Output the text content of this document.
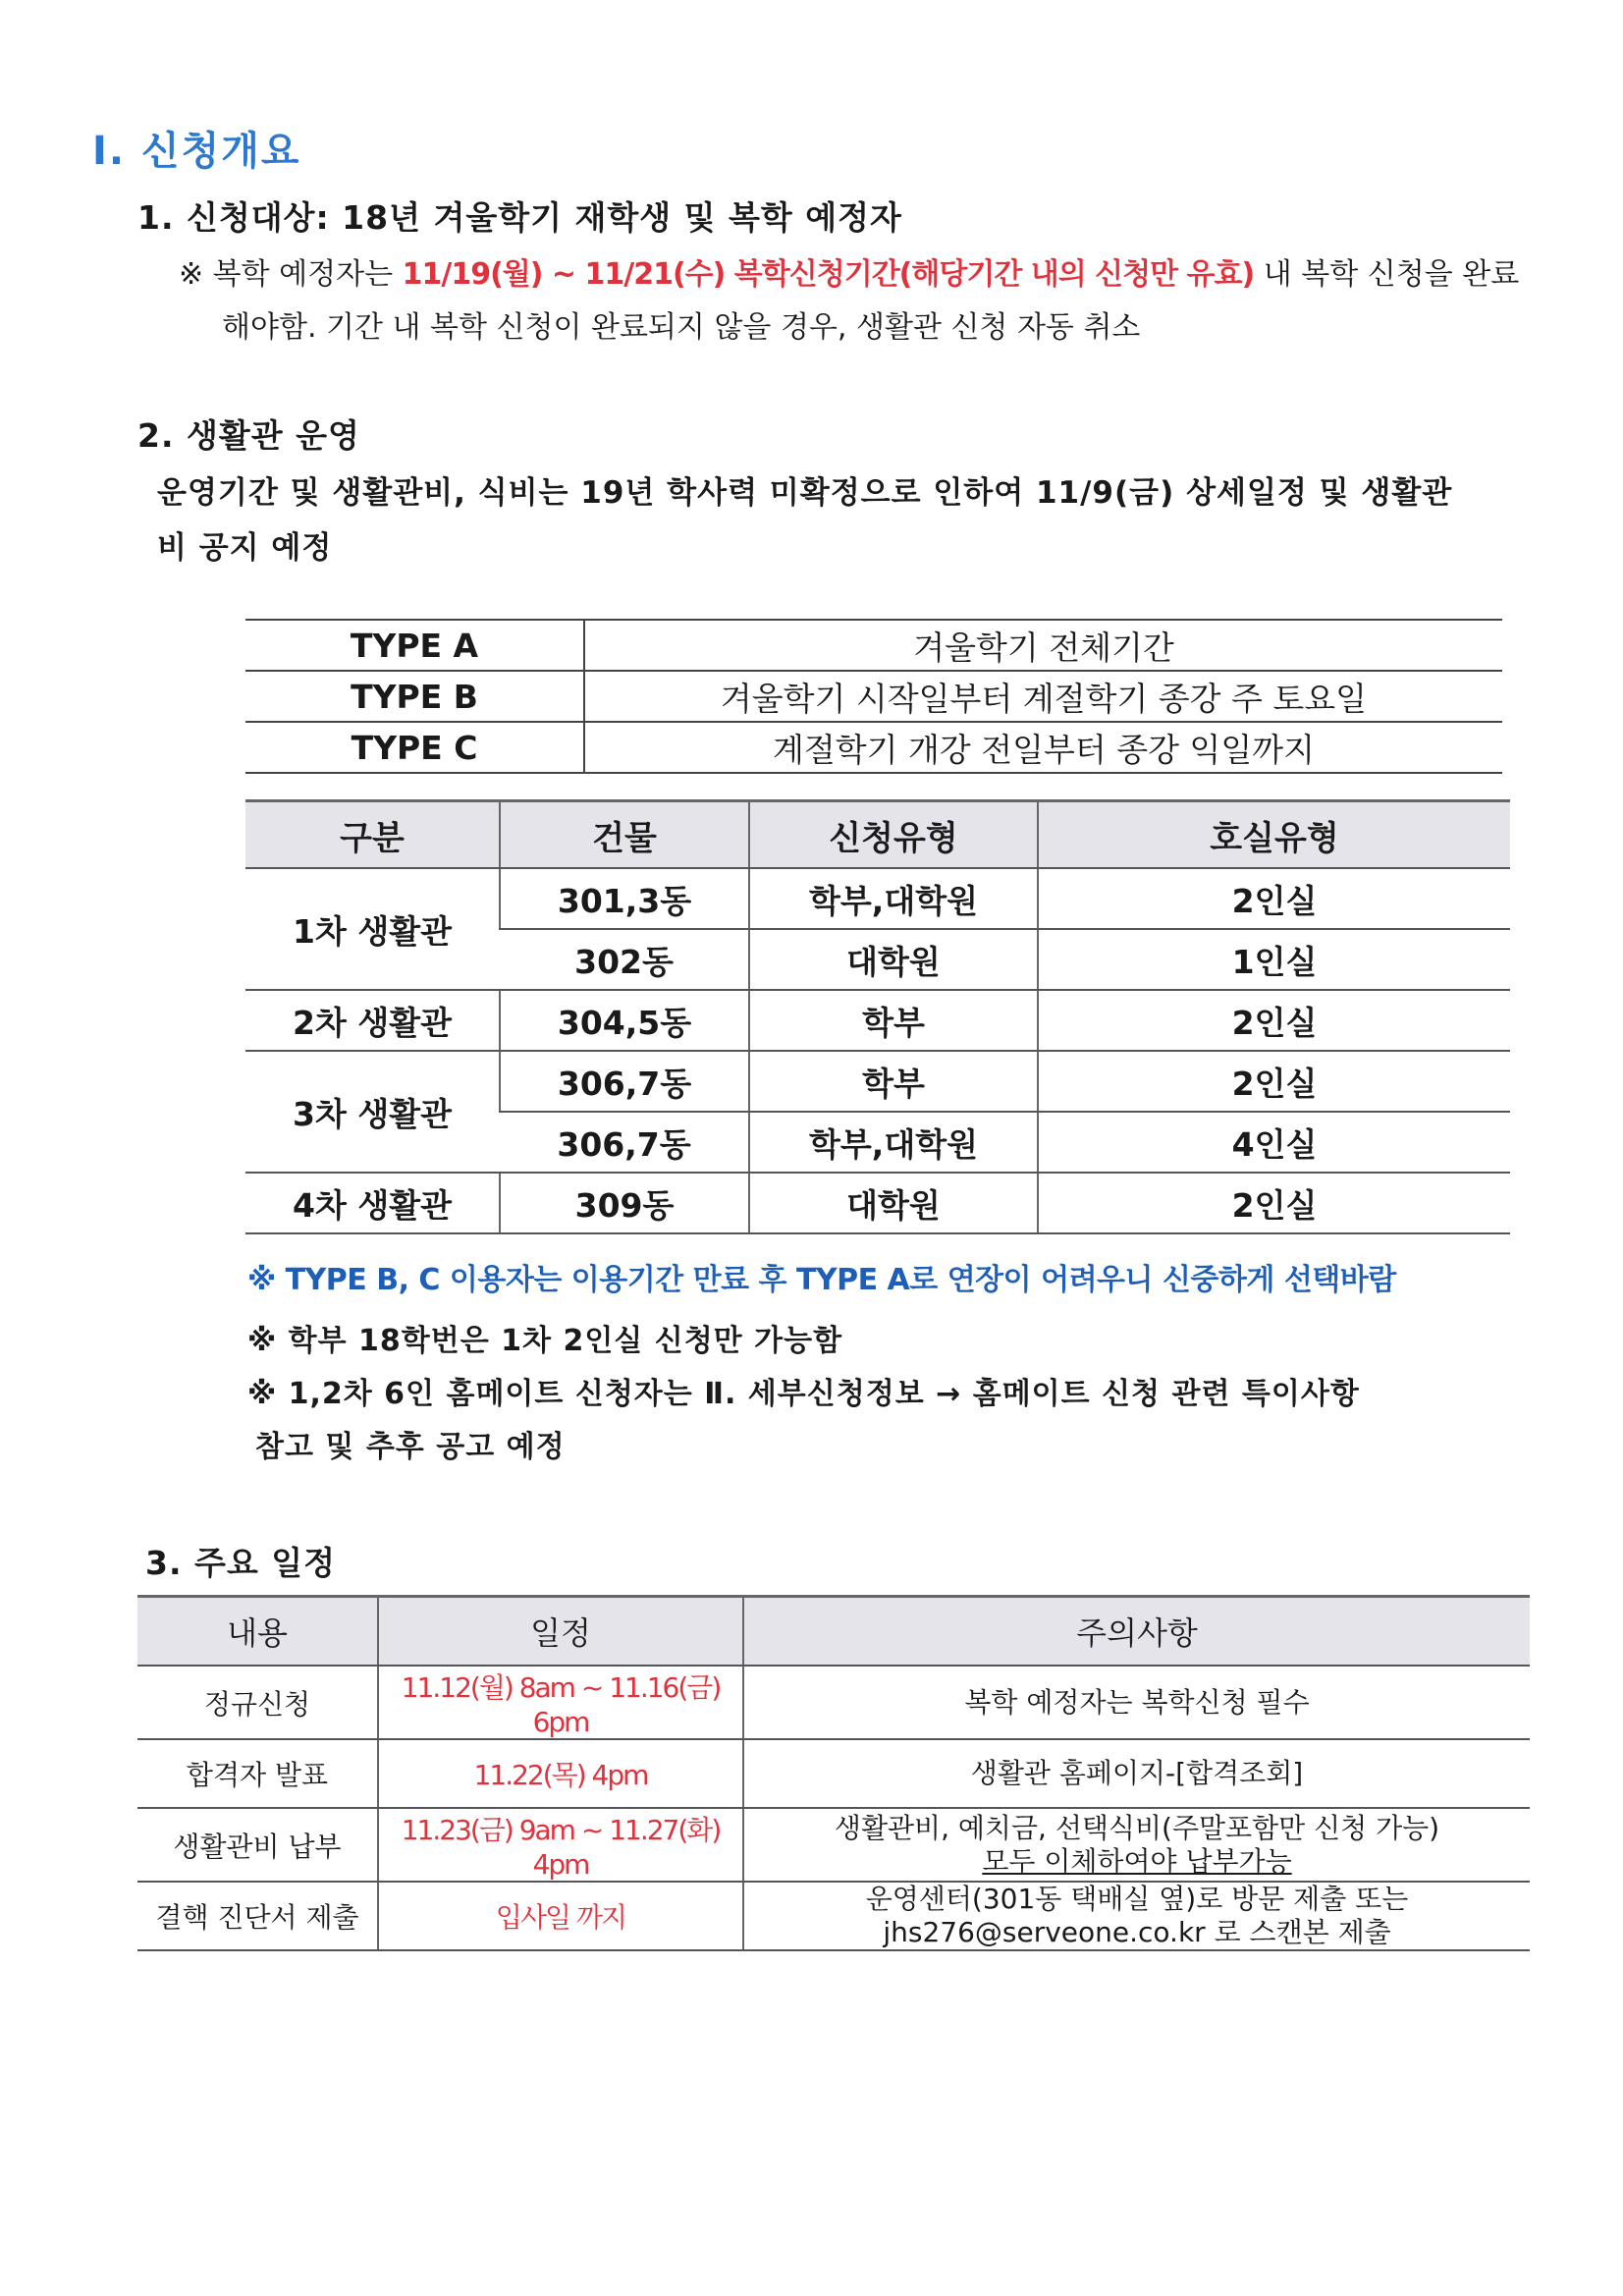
Ⅰ. 신청개요
1. 신청대상: 18년 겨울학기 재학생 및 복학 예정자
※ 복학 예정자는 11/19(월) ~ 11/21(수) 복학신청기간(해당기간 내의 신청만 유효) 내 복학 신청을 완료
해야함. 기간 내 복학 신청이 완료되지 않을 경우, 생활관 신청 자동 취소
2. 생활관 운영
운영기간 및 생활관비, 식비는 19년 학사력 미확정으로 인하여 11/9(금) 상세일정 및 생활관
비 공지 예정
TYPE A	겨울학기 전체기간
TYPE B	겨울학기 시작일부터 계절학기 종강 주 토요일
TYPE C	계절학기 개강 전일부터 종강 익일까지
구분	건물	신청유형	호실유형
1차 생활관	301,3동	학부,대학원	2인실
	302동	대학원	1인실
2차 생활관	304,5동	학부	2인실
3차 생활관	306,7동	학부	2인실
	306,7동	학부,대학원	4인실
4차 생활관	309동	대학원	2인실
※ TYPE B, C 이용자는 이용기간 만료 후 TYPE A로 연장이 어려우니 신중하게 선택바람
※ 학부 18학번은 1차 2인실 신청만 가능함
※ 1,2차 6인 홈메이트 신청자는 Ⅱ. 세부신청정보 → 홈메이트 신청 관련 특이사항
참고 및 추후 공고 예정
3. 주요 일정
내용	일정	주의사항
정규신청	11.12(월) 8am ~ 11.16(금) 6pm	복학 예정자는 복학신청 필수

합격자 발표	11.22(목) 4pm	생활관 홈페이지-[합격조회]

생활관비 납부	11.23(금) 9am ~ 11.27(화) 4pm	생활관비, 예치금, 선택식비(주말포함만 신청 가능)
모두 이체하여야 납부가능

결핵 진단서 제출	입사일 까지	운영센터(301동 택배실 옆)로 방문 제출 또는
jhs276@serveone.co.kr 로 스캔본 제출
